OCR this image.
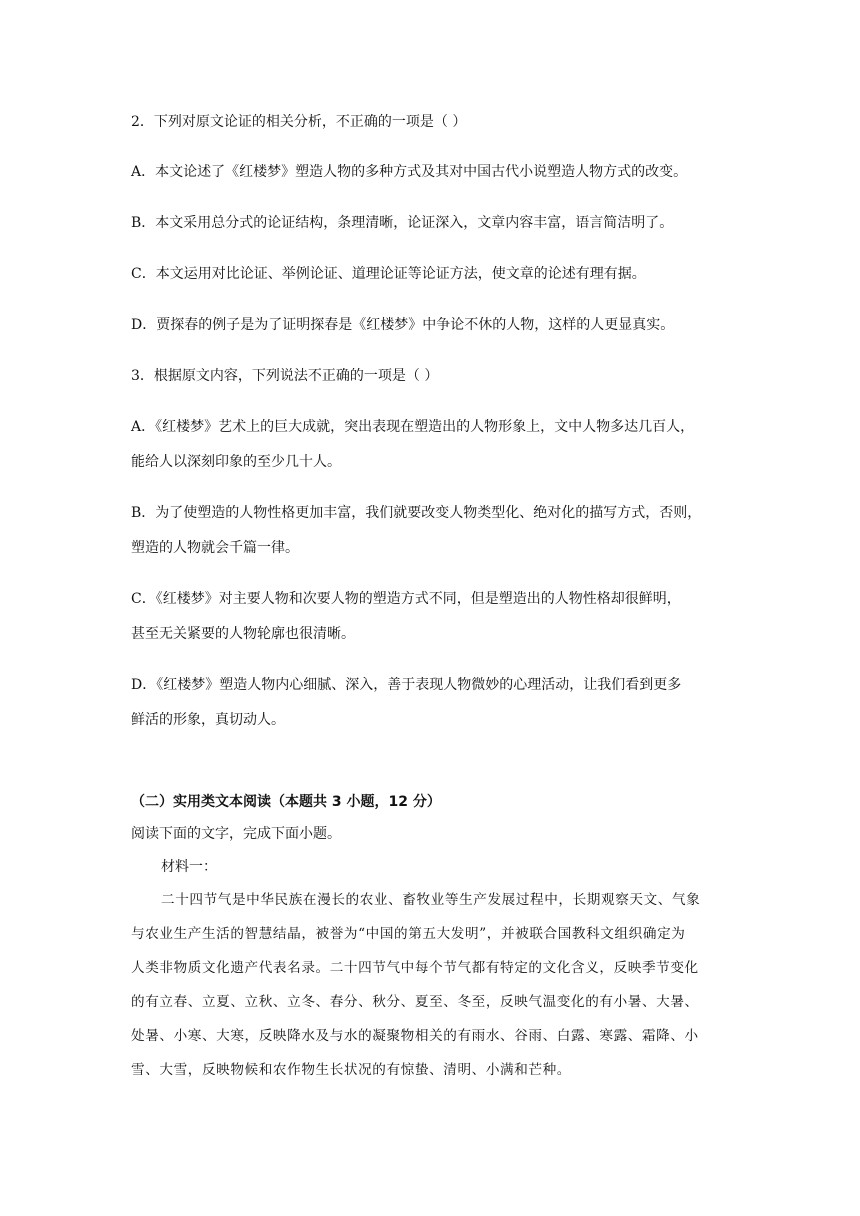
2．下列对原文论证的相关分析，不正确的一项是（ ）
A．本文论述了《红楼梦》塑造人物的多种方式及其对中国古代小说塑造人物方式的改变。
B．本文采用总分式的论证结构，条理清晰，论证深入，文章内容丰富，语言简洁明了。
C．本文运用对比论证、举例论证、道理论证等论证方法，使文章的论述有理有据。
D．贾探春的例子是为了证明探春是《红楼梦》中争论不休的人物，这样的人更显真实。
3．根据原文内容，下列说法不正确的一项是（ ）
A．《红楼梦》艺术上的巨大成就，突出表现在塑造出的人物形象上，文中人物多达几百人，
能给人以深刻印象的至少几十人。
B．为了使塑造的人物性格更加丰富，我们就要改变人物类型化、绝对化的描写方式，否则，
塑造的人物就会千篇一律。
C．《红楼梦》对主要人物和次要人物的塑造方式不同，但是塑造出的人物性格却很鲜明，
甚至无关紧要的人物轮廓也很清晰。
D．《红楼梦》塑造人物内心细腻、深入，善于表现人物微妙的心理活动，让我们看到更多
鲜活的形象，真切动人。
（二）实用类文本阅读（本题共 3 小题，12 分）
阅读下面的文字，完成下面小题。
材料一：
二十四节气是中华民族在漫长的农业、畜牧业等生产发展过程中，长期观察天文、气象
与农业生产生活的智慧结晶，被誉为“中国的第五大发明”，并被联合国教科文组织确定为
人类非物质文化遗产代表名录。二十四节气中每个节气都有特定的文化含义，反映季节变化
的有立春、立夏、立秋、立冬、春分、秋分、夏至、冬至，反映气温变化的有小暑、大暑、
处暑、小寒、大寒，反映降水及与水的凝聚物相关的有雨水、谷雨、白露、寒露、霜降、小
雪、大雪，反映物候和农作物生长状况的有惊蛰、清明、小满和芒种。
